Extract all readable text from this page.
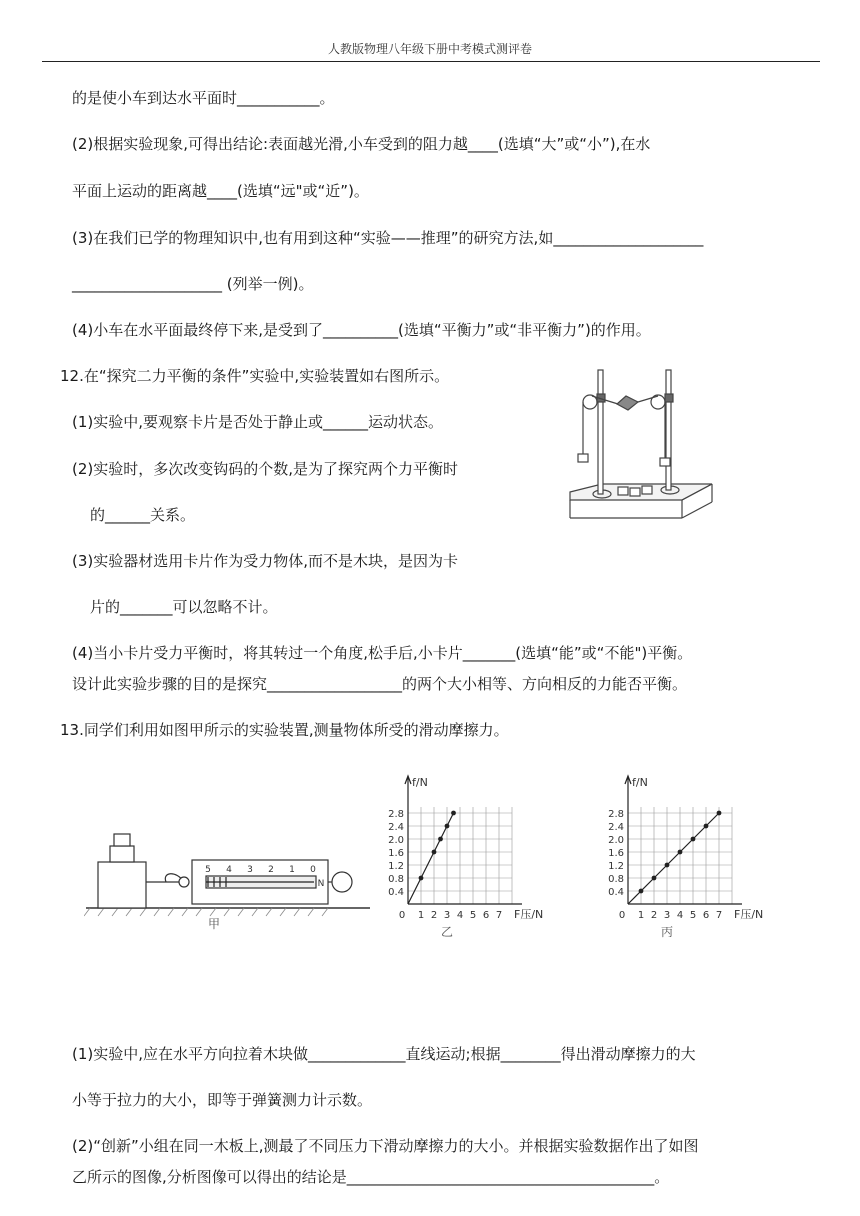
人教版物理八年级下册中考模式测评卷
的是使小车到达水平面时___________。
(2)根据实验现象,可得出结论:表面越光滑,小车受到的阻力越____(选填“大”或“小”),在水
平面上运动的距离越____(选填“远"或“近”)。
(3)在我们已学的物理知识中,也有用到这种“实验——推理”的研究方法,如____________________
____________________ (列举一例)。
(4)小车在水平面最终停下来,是受到了__________(选填“平衡力”或“非平衡力”)的作用。
12.在“探究二力平衡的条件”实验中,实验装置如右图所示。
(1)实验中,要观察卡片是否处于静止或______运动状态。
(2)实验时，多次改变钩码的个数,是为了探究两个力平衡时
的______关系。
(3)实验器材选用卡片作为受力物体,而不是木块，是因为卡
片的_______可以忽略不计。
(4)当小卡片受力平衡时，将其转过一个角度,松手后,小卡片_______(选填“能”或“不能")平衡。
设计此实验步骤的目的是探究__________________的两个大小相等、方向相反的力能否平衡。
13.同学们利用如图甲所示的实验装置,测量物体所受的滑动摩擦力。
(1)实验中,应在水平方向拉着木块做_____________直线运动;根据________得出滑动摩擦力的大
小等于拉力的大小，即等于弹簧测力计示数。
(2)“创新”小组在同一木板上,测最了不同压力下滑动摩擦力的大小。并根据实验数据作出了如图
乙所示的图像,分析图像可以得出的结论是_________________________________________。
5 4 3 2 1 0
N
甲
0.4
0.8
1.2
1.6
2.0
2.4
2.8
0 1 2 3 4 5 6 7
f/N
F压/N
乙
0.4
0.8
1.2
1.6
2.0
2.4
2.8
0 1 2 3 4 5 6 7
f/N
F压/N
丙
